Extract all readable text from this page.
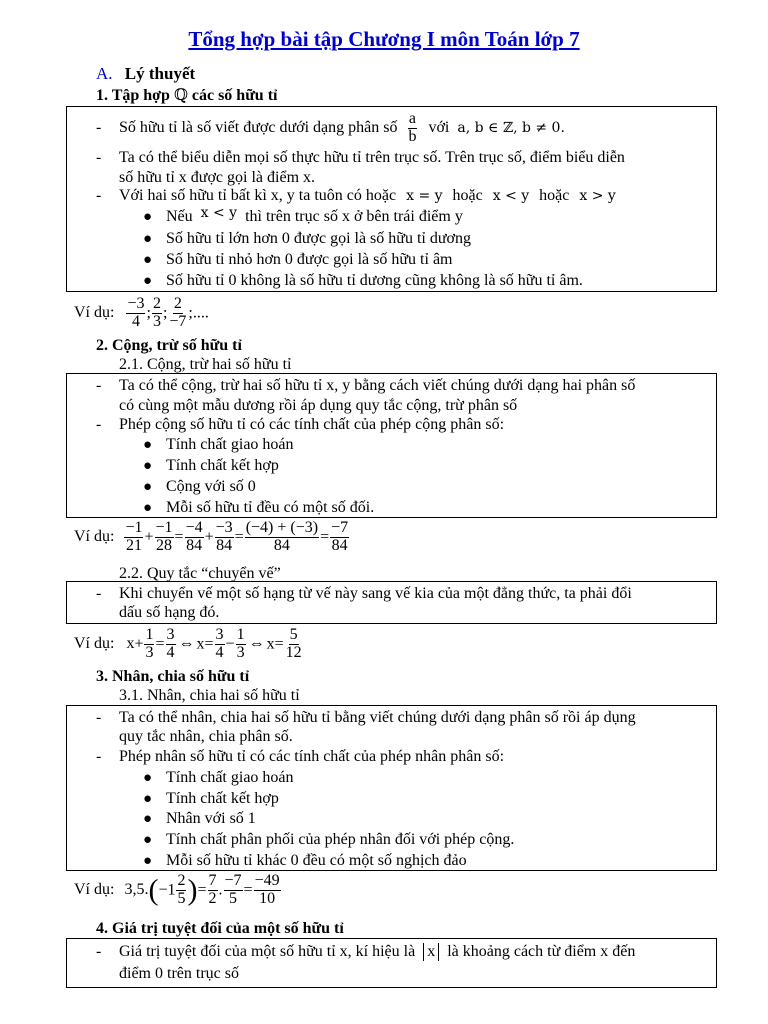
Tổng hợp bài tập Chương I môn Toán lớp 7
A. Lý thuyết
1. Tập hợp ℚ các số hữu tỉ
- Số hữu tỉ là số viết được dưới dạng phân số $\frac{a}{b}$ với a, b ∈ ℤ, b ≠ 0.
- Ta có thể biểu diễn mọi số thực hữu tỉ trên trục số. Trên trục số, điểm biểu diễn
số hữu tỉ x được gọi là điểm x.
- Với hai số hữu tỉ bất kì x, y ta tuôn có hoặc x = y hoặc x < y hoặc x > y
● Nếu x < y thì trên trục số x ở bên trái điểm y
● Số hữu tỉ lớn hơn 0 được gọi là số hữu tỉ dương
● Số hữu tỉ nhỏ hơn 0 được gọi là số hữu tỉ âm
● Số hữu tỉ 0 không là số hữu tỉ dương cũng không là số hữu tỉ âm.
Ví dụ: $\frac{-3}{4}$ ; $\frac{2}{3}$ ; $\frac{2}{-7}$ ;....
2. Cộng, trừ số hữu tỉ
2.1. Cộng, trừ hai số hữu tỉ
- Ta có thể cộng, trừ hai số hữu tỉ x, y bằng cách viết chúng dưới dạng hai phân số
có cùng một mẫu dương rồi áp dụng quy tắc cộng, trừ phân số
- Phép cộng số hữu tỉ có các tính chất của phép cộng phân số:
● Tính chất giao hoán
● Tính chất kết hợp
● Cộng với số 0
● Mỗi số hữu tỉ đều có một số đối.
Ví dụ: $\frac{-1}{21} + \frac{-1}{28} = \frac{-4}{84} + \frac{-3}{84} = \frac{(-4) + (-3)}{84} = \frac{-7}{84}$
2.2. Quy tắc “chuyển vế”
- Khi chuyển vế một số hạng từ vế này sang vế kia của một đẳng thức, ta phải đổi
dấu số hạng đó.
Ví dụ: $x+ \frac{1}{3} = \frac{3}{4}$ ⇔ $x= \frac{3}{4} - \frac{1}{3}$ ⇔ $x= \frac{5}{12}$
3. Nhân, chia số hữu tỉ
3.1. Nhân, chia hai số hữu tỉ
- Ta có thể nhân, chia hai số hữu tỉ bằng viết chúng dưới dạng phân số rồi áp dụng
quy tắc nhân, chia phân số.
- Phép nhân số hữu tỉ có các tính chất của phép nhân phân số:
● Tính chất giao hoán
● Tính chất kết hợp
● Nhân với số 1
● Tính chất phân phối của phép nhân đối với phép cộng.
● Mỗi số hữu tỉ khác 0 đều có một số nghịch đảo
Ví dụ: $3,5.(-1 \frac{2}{5}$ )= $\frac{7}{2}$ . $\frac{-7}{5} = \frac{-49}{10}$
4. Giá trị tuyệt đối của một số hữu tỉ
- Giá trị tuyệt đối của một số hữu tỉ x, kí hiệu là x là khoảng cách từ điểm x đến
điểm 0 trên trục số
